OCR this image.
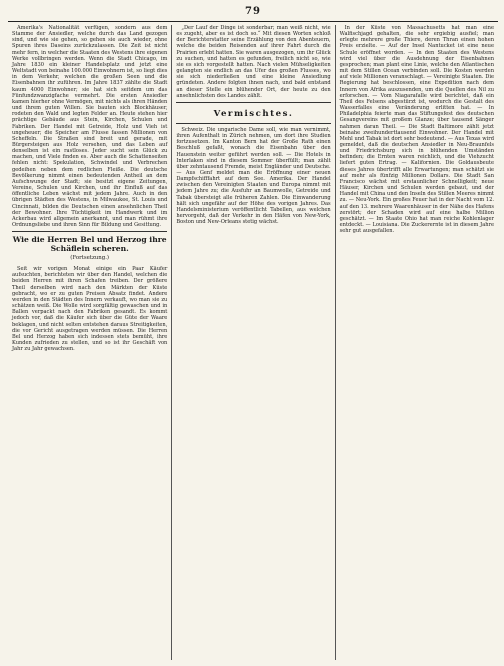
79

Amerika's Nationalität verfügen, sondern aus dem Stamme der Ansiedler, welche durch das Land gezogen sind, und wie sie gehen, so gehen sie auch wieder, ohne Spuren ihres Daseins zurückzulassen. Die Zeit ist nicht mehr fern, in welcher die Staaten des Westens ihre eigenen Werke vollbringen werden. Wenn die Stadt Chicago, im Jahre 1830 ein kleiner Handelsplatz und jetzt eine Weltstadt von beinahe 100.000 Einwohnern ist, so liegt dies in dem Verkehr, welchen die großen Seen und die Eisenbahnen ihr zuführen. Im Jahre 1837 zählte die Stadt kaum 4000 Einwohner; sie hat sich seitdem um das Fünfundzwanzigfache vermehrt. Die ersten Ansiedler kamen hierher ohne Vermögen, mit nichts als ihren Händen und ihrem guten Willen. Sie bauten sich Blockhäuser, rodeten den Wald und legten Felder an. Heute stehen hier prächtige Gebäude aus Stein, Kirchen, Schulen und Fabriken. Der Handel mit Getreide, Holz und Vieh ist ungeheuer; die Speicher am Flusse fassen Millionen von Scheffeln. Die Straßen sind breit und gerade, mit Bürgersteigen aus Holz versehen, und das Leben auf denselben ist ein rastloses. Jeder sucht sein Glück zu machen, und Viele finden es. Aber auch die Schattenseiten fehlen nicht: Spekulation, Schwindel und Verbrechen gedeihen neben dem redlichen Fleiße. Die deutsche Bevölkerung nimmt einen bedeutenden Antheil an dem Aufschwunge der Stadt; sie besitzt eigene Zeitungen, Vereine, Schulen und Kirchen, und ihr Einfluß auf das öffentliche Leben wächst mit jedem Jahre. Auch in den übrigen Städten des Westens, in Milwaukee, St. Louis und Cincinnati, bilden die Deutschen einen ansehnlichen Theil der Bewohner. Ihre Tüchtigkeit im Handwerk und im Ackerbau wird allgemein anerkannt, und man rühmt ihre Ordnungsliebe und ihren Sinn für Bildung und Gesittung.

Wie die Herren Bel und Herzog ihre Schäflein scheren.
(Fortsetzung.)

Seit wir vorigen Monat einige ein Paar Käufer aufsuchten, berichteten wir über den Handel, welchen die beiden Herren mit ihren Schafen treiben. Der größere Theil derselben wird nach den Märkten der Küste gebracht, wo er zu guten Preisen Absatz findet. Andere werden in den Städten des Innern verkauft, wo man sie zu schätzen weiß. Die Wolle wird sorgfältig gewaschen und in Ballen verpackt nach den Fabriken gesandt. Es kommt jedoch vor, daß die Käufer sich über die Güte der Waare beklagen, und nicht selten entstehen daraus Streitigkeiten, die vor Gericht ausgetragen werden müssen. Die Herren Bel und Herzog haben sich indessen stets bemüht, ihre Kunden zufrieden zu stellen, und so ist ihr Geschäft von Jahr zu Jahr gewachsen.

„Der Lauf der Dinge ist sonderbar; man weiß nicht, wie es zugeht, aber es ist doch so.“ Mit diesen Worten schloß der Berichterstatter seine Erzählung von den Abenteuern, welche die beiden Reisenden auf ihrer Fahrt durch die Prairien erlebt hatten. Sie waren ausgezogen, um ihr Glück zu suchen, und hatten es gefunden, freilich nicht so, wie sie es sich vorgestellt hatten. Nach vielen Mühseligkeiten gelangten sie endlich an das Ufer des großen Flusses, wo sie sich niederließen und eine kleine Ansiedlung gründeten. Andere folgten ihnen nach, und bald entstand an dieser Stelle ein blühender Ort, der heute zu den ansehnlichsten des Landes zählt.

Vermischtes.

Schweiz. Die ungarische Dame soll, wie man vernimmt, ihren Aufenthalt in Zürich nehmen, um dort ihre Studien fortzusetzen. Im Kanton Bern hat der Große Rath einen Beschluß gefaßt, wonach die Eisenbahn über den Hauenstein weiter geführt werden soll. — Die Hotels in Interlaken sind in diesem Sommer überfüllt; man zählt über zehntausend Fremde, meist Engländer und Deutsche. — Aus Genf meldet man die Eröffnung einer neuen Dampfschifffahrt auf dem See. Amerika. Der Handel zwischen den Vereinigten Staaten und Europa nimmt mit jedem Jahre zu; die Ausfuhr an Baumwolle, Getreide und Tabak übersteigt alle früheren Zahlen. Die Einwanderung hält sich ungefähr auf der Höhe des vorigen Jahres. Das Handelsministerium veröffentlicht Tabellen, aus welchen hervorgeht, daß der Verkehr in den Häfen von New-York, Boston und New-Orleans stetig wächst.

In der Küste von Massachusetts hat man eine Walfischjagd gehalten, die sehr ergiebig ausfiel; man erlegte mehrere große Thiere, deren Thran einen hohen Preis erzielte. — Auf der Insel Nantucket ist eine neue Schule eröffnet worden. — In den Staaten des Westens wird viel über die Ausdehnung der Eisenbahnen gesprochen; man plant eine Linie, welche den Atlantischen mit dem Stillen Ocean verbinden soll. Die Kosten werden auf viele Millionen veranschlagt. — Vereinigte Staaten. Die Regierung hat beschlossen, eine Expedition nach dem Innern von Afrika auszusenden, um die Quellen des Nil zu erforschen. — Vom Niagarafalle wird berichtet, daß ein Theil des Felsens abgestürzt ist, wodurch die Gestalt des Wasserfalles eine Veränderung erlitten hat. — In Philadelphia feierte man das Stiftungsfest des deutschen Gesangvereins mit großem Glanze; über tausend Sänger nahmen daran Theil. — Die Stadt Baltimore zählt jetzt beinahe zweihunderttausend Einwohner. Der Handel mit Mehl und Tabak ist dort sehr bedeutend. — Aus Texas wird gemeldet, daß die deutschen Ansiedler in Neu-Braunfels und Friedrichsburg sich in blühenden Umständen befinden; die Ernten waren reichlich, und die Viehzucht liefert guten Ertrag. — Kalifornien. Die Goldausbeute dieses Jahres übertrifft alle Erwartungen; man schätzt sie auf mehr als fünfzig Millionen Dollars. Die Stadt San Francisco wächst mit erstaunlicher Schnelligkeit; neue Häuser, Kirchen und Schulen werden gebaut, und der Handel mit China und den Inseln des Stillen Meeres nimmt zu. — Neu-York. Ein großes Feuer hat in der Nacht vom 12. auf den 13. mehrere Waarenhäuser in der Nähe des Hafens zerstört; der Schaden wird auf eine halbe Million geschätzt. — Im Staate Ohio hat man reiche Kohlenlager entdeckt. — Louisiana. Die Zuckerernte ist in diesem Jahre sehr gut ausgefallen.
